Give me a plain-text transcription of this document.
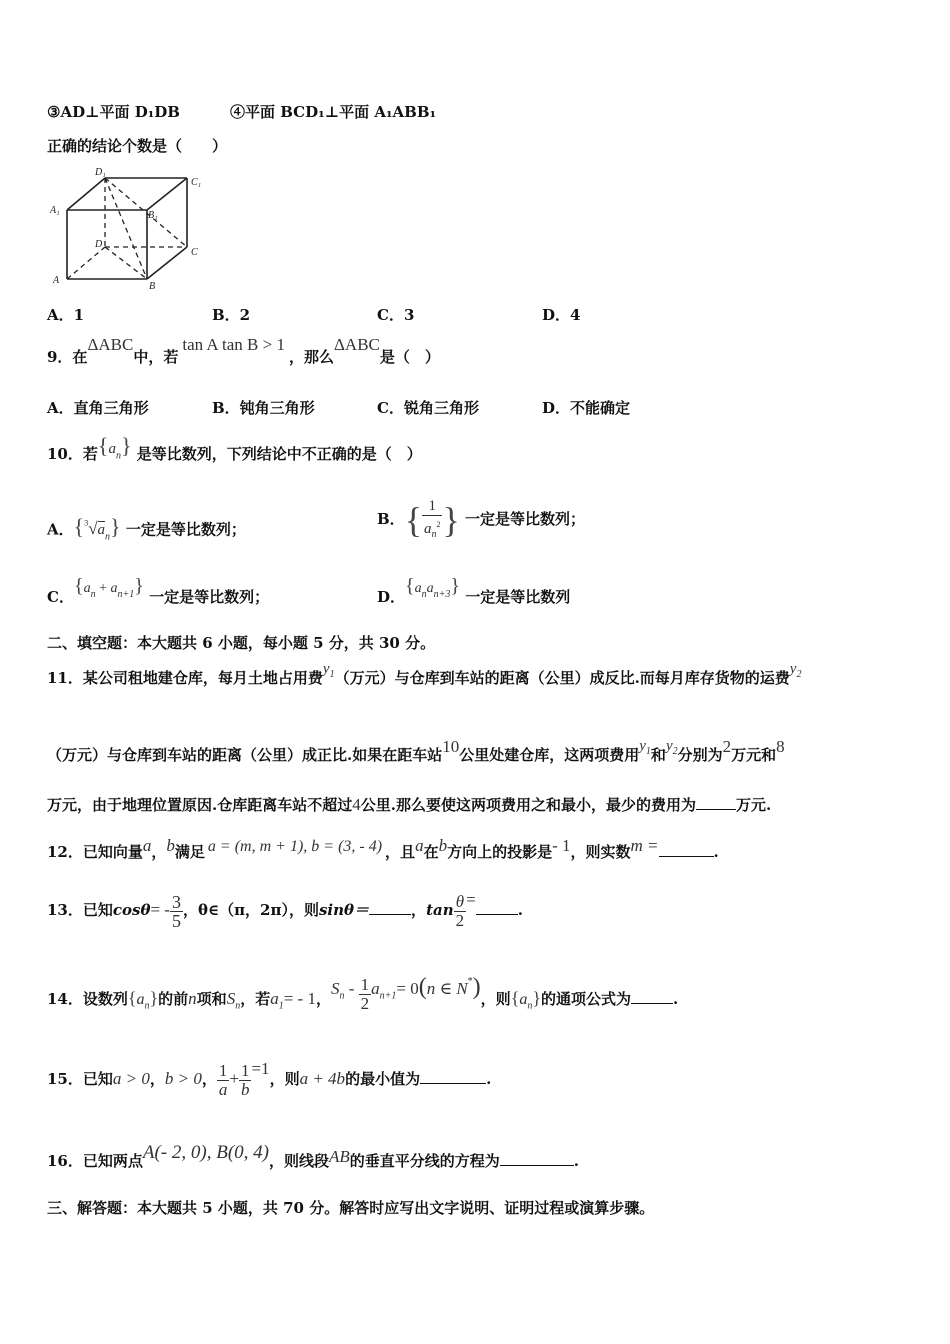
③AD⊥平面 D₁DB	④平面 BCD₁⊥平面 A₁ABB₁
正确的结论个数是（　　）
D₁
C₁
A₁	B₁
D
C
A
B
A．1	B．2	C．3	D．4
9．在ΔABC中，若tan A tan B > 1，那么ΔABC是（　）
A．直角三角形	B．钝角三角形	C．锐角三角形	D．不能确定
10．若$\{a_n\}$ 是等比数列，下列结论中不正确的是（　）
A．$\{^3√a_n\}$ 一定是等比数列；
B．{ $\frac{1}{a_n^2}$ } 一定是等比数列；
C．$\{a_n + a_{n+1}\}$ 一定是等比数列；	D．$\{a_na_{n+3}\}$ 一定是等比数列
二、填空题：本大题共 6 小题，每小题 5 分，共 30 分。
11．某公司租地建仓库，每月土地占用费$y_1$（万元）与仓库到车站的距离（公里）成反比.而每月库存货物的运费$y_2$
（万元）与仓库到车站的距离（公里）成正比.如果在距车站10公里处建仓库，这两项费用$y_1$和$y_2$分别为2万元和8
万元，由于地理位置原因.仓库距离车站不超过4公里.那么要使这两项费用之和最小，最少的费用为	万元.
12．已知向量a，b满足 a = (m, m + 1), b = (3, - 4) ，且a在b方向上的投影是- 1，则实数m =	.
13．已知$\cos\theta= - \frac{3}{5}$ ，θ∈（π，2π），则sinθ＝	，$\tan \frac{\theta}{2}$ =.
14．设数列$\{a_n\}$的前n项和$S_n$，若$a_1= - 1$，$S_n - \frac{1}{2} a_{n+1}= 0(n$ ∈ N*)，则$\{a_n\}$的通项公式为	.
15．已知a > 0，b > 0， $\frac{1}{a} + \frac{1}{b} =1$，则a + 4b的最小值为	.
16．已知两点A(- 2, 0), B(0, 4)，则线段AB的垂直平分线的方程为	.
三、解答题：本大题共 5 小题，共 70 分。解答时应写出文字说明、证明过程或演算步骤。
